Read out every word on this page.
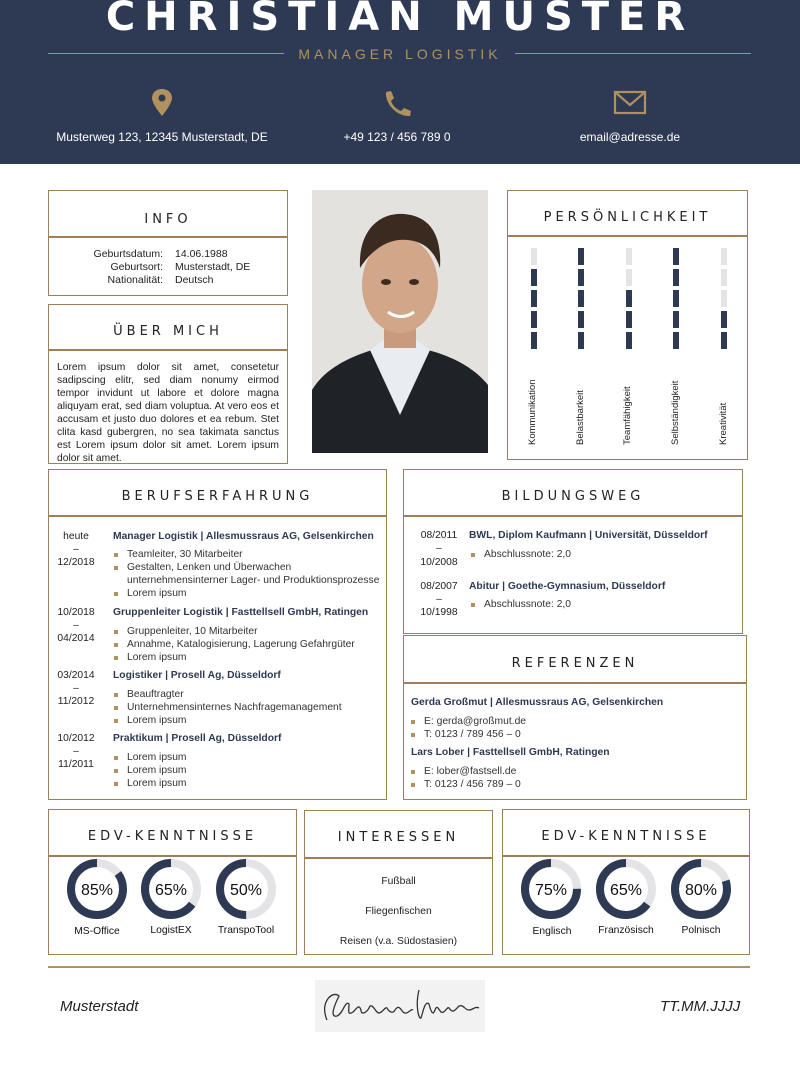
CHRISTIAN MUSTER
MANAGER LOGISTIK
Musterweg 123, 12345 Musterstadt, DE	+49 123 / 456 789 0	email@adresse.de
INFO
Geburtsdatum: 14.06.1988
Geburtsort: Musterstadt, DE
Nationalität: Deutsch
ÜBER MICH
Lorem ipsum dolor sit amet, consetetur sadipscing elitr, sed diam nonumy eirmod tempor invidunt ut labore et dolore magna aliquyam erat, sed diam voluptua. At vero eos et accusam et justo duo dolores et ea rebum. Stet clita kasd gubergren, no sea takimata sanctus est Lorem ipsum dolor sit amet. Lorem ipsum dolor sit amet.
PERSÖNLICHKEIT
Kommunikation	Belastbarkeit	Teamfähigkeit	Selbständigkeit	Kreativität
BERUFSERFAHRUNG
heute
–
12/2018
Manager Logistik | Allesmussraus AG, Gelsenkirchen
Teamleiter, 30 Mitarbeiter
Gestalten, Lenken und Überwachen
unternehmensinterner Lager- und Produktionsprozesse
Lorem ipsum
10/2018
–
04/2014
Gruppenleiter Logistik | Fasttellsell GmbH, Ratingen
Gruppenleiter, 10 Mitarbeiter
Annahme, Katalogisierung, Lagerung Gefahrgüter
Lorem ipsum
03/2014
–
11/2012
Logistiker | Prosell Ag, Düsseldorf
Beauftragter
Unternehmensinternes Nachfragemanagement
Lorem ipsum
10/2012
–
11/2011
Praktikum | Prosell Ag, Düsseldorf
Lorem ipsum
Lorem ipsum
Lorem ipsum
BILDUNGSWEG
08/2011
–
10/2008
BWL, Diplom Kaufmann | Universität, Düsseldorf
Abschlussnote: 2,0
08/2007
–
10/1998
Abitur | Goethe-Gymnasium, Düsseldorf
Abschlussnote: 2,0
REFERENZEN
Gerda Großmut | Allesmussraus AG, Gelsenkirchen
E: gerda@großmut.de
T: 0123 / 789 456 – 0
Lars Lober | Fasttellsell GmbH, Ratingen
E: lober@fastsell.de
T: 0123 / 456 789 – 0
EDV-KENNTNISSE
85%	65%	50%
MS-Office	LogistEX	TranspoTool
INTERESSEN
Fußball
Fliegenfischen
Reisen (v.a. Südostasien)
EDV-KENNTNISSE
75%	65%	80%
Englisch	Französisch	Polnisch
Musterstadt	TT.MM.JJJJ
